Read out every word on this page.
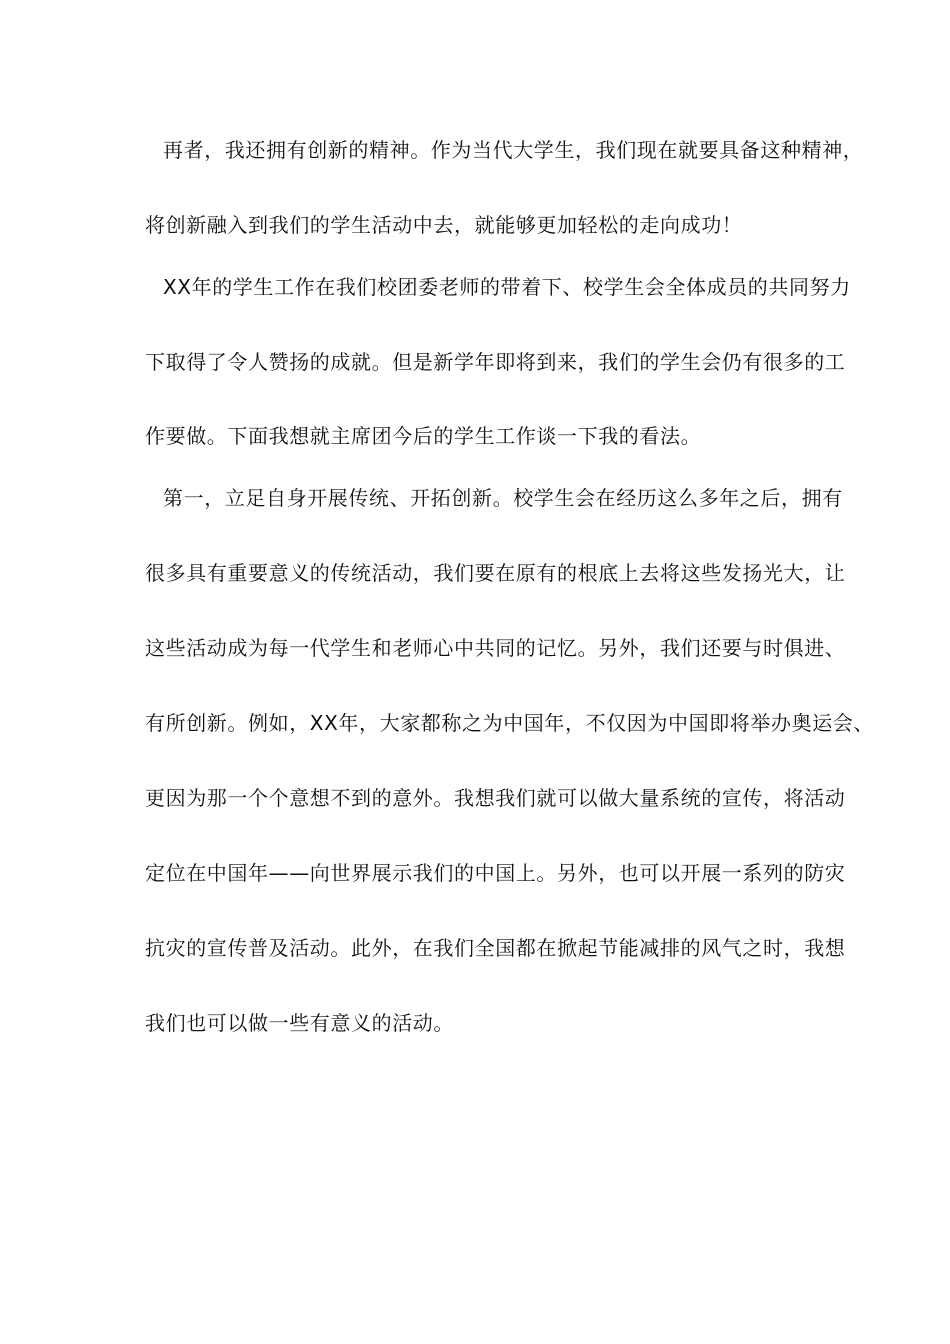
再者，我还拥有创新的精神。作为当代大学生，我们现在就要具备这种精神，
将创新融入到我们的学生活动中去，就能够更加轻松的走向成功！
XX年的学生工作在我们校团委老师的带着下、校学生会全体成员的共同努力
下取得了令人赞扬的成就。但是新学年即将到来，我们的学生会仍有很多的工
作要做。下面我想就主席团今后的学生工作谈一下我的看法。
第一，立足自身开展传统、开拓创新。校学生会在经历这么多年之后，拥有
很多具有重要意义的传统活动，我们要在原有的根底上去将这些发扬光大，让
这些活动成为每一代学生和老师心中共同的记忆。另外，我们还要与时俱进、
有所创新。例如，XX年，大家都称之为中国年，不仅因为中国即将举办奥运会、
更因为那一个个意想不到的意外。我想我们就可以做大量系统的宣传，将活动
定位在中国年——向世界展示我们的中国上。另外，也可以开展一系列的防灾
抗灾的宣传普及活动。此外，在我们全国都在掀起节能减排的风气之时，我想
我们也可以做一些有意义的活动。
